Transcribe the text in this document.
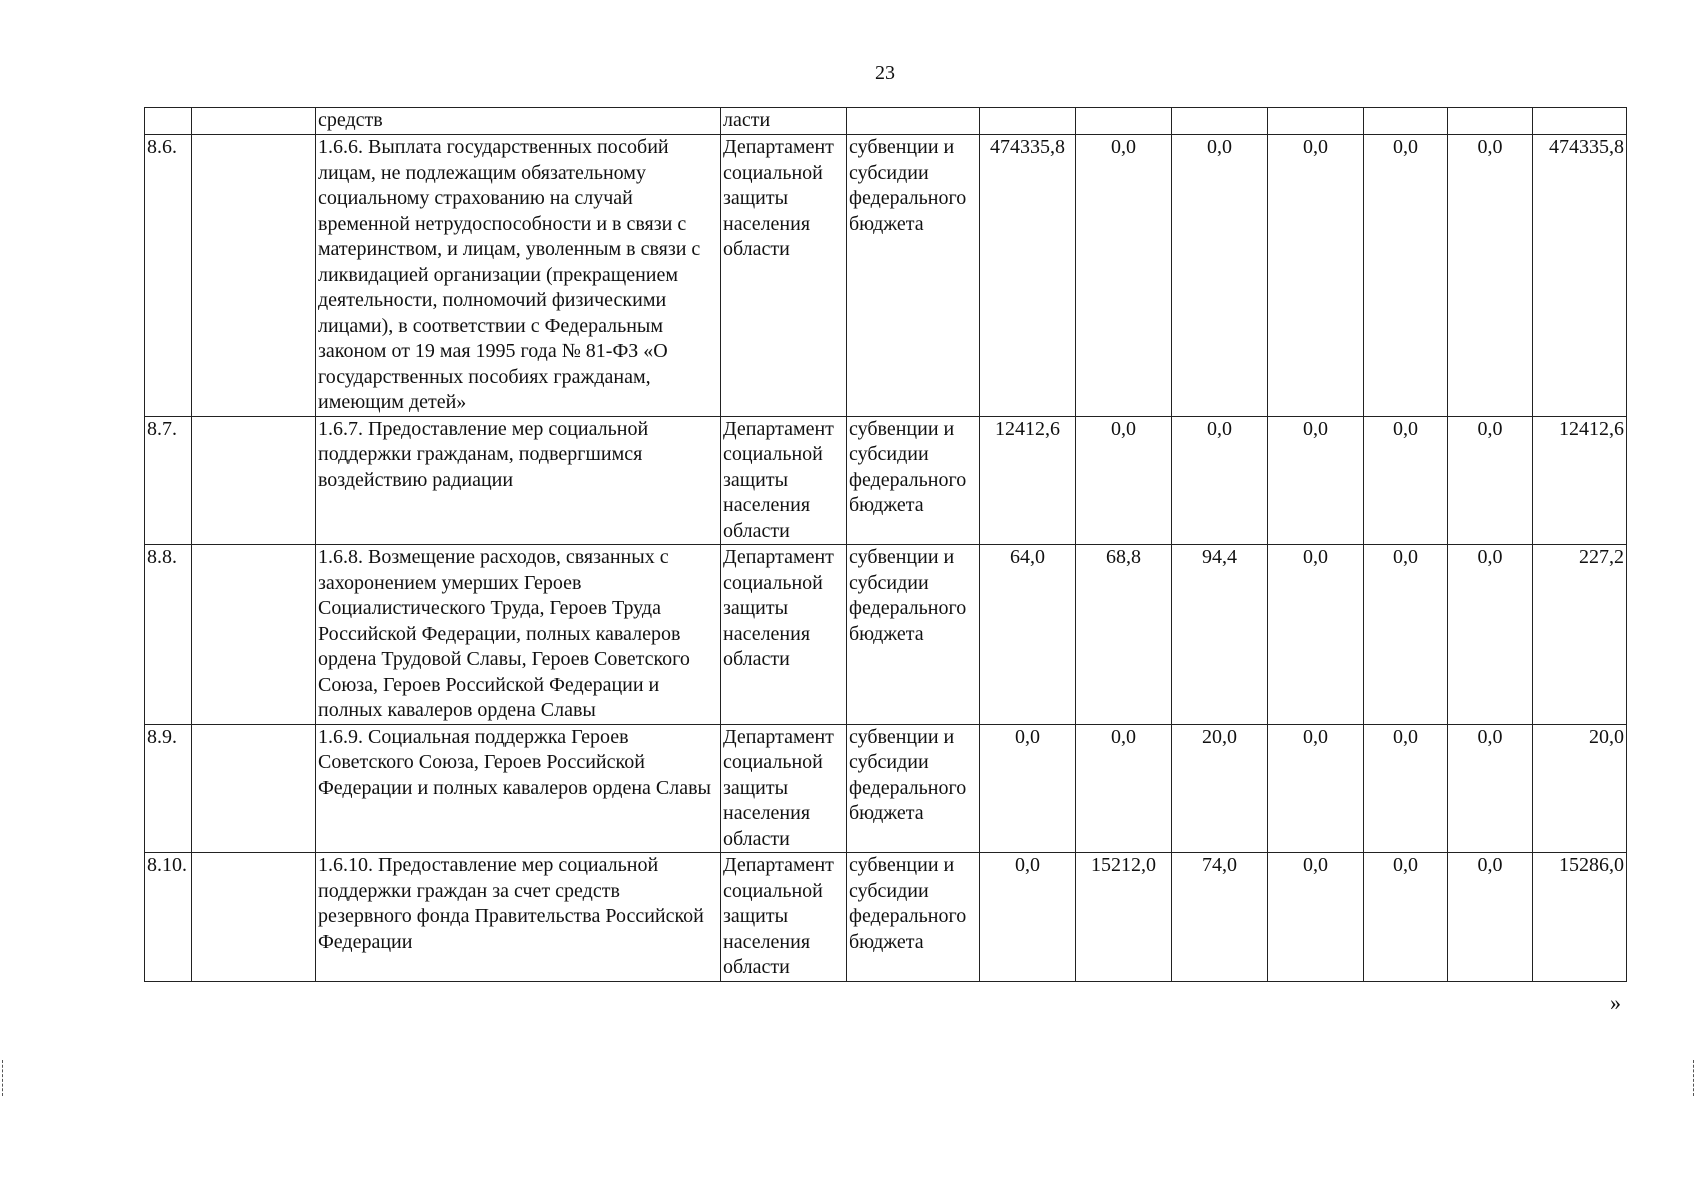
23
		средств	ласти								
8.6.		1.6.6. Выплата государственных пособий лицам, не подлежащим обязательному социальному страхованию на случай временной нетрудоспособности и в связи с материнством, и лицам, уволенным в связи с ликвидацией организации (прекращением деятельности, полномочий физическими лицами), в соответствии с Федеральным законом от 19 мая 1995 года № 81-ФЗ «О государственных пособиях гражданам, имеющим детей»	Департамент социальной защиты населения области	субвенции и субсидии федерального бюджета	474335,8	0,0	0,0	0,0	0,0	0,0	474335,8
8.7.		1.6.7. Предоставление мер социальной поддержки гражданам, подвергшимся воздействию радиации	Департамент социальной защиты населения области	субвенции и субсидии федерального бюджета	12412,6	0,0	0,0	0,0	0,0	0,0	12412,6
8.8.		1.6.8. Возмещение расходов, связанных с захоронением умерших Героев Социалистического Труда, Героев Труда Российской Федерации, полных кавалеров ордена Трудовой Славы, Героев Советского Союза, Героев Российской Федерации и полных кавалеров ордена Славы	Департамент социальной защиты населения области	субвенции и субсидии федерального бюджета	64,0	68,8	94,4	0,0	0,0	0,0	227,2
8.9.		1.6.9. Социальная поддержка Героев Советского Союза, Героев Российской Федерации и полных кавалеров ордена Славы	Департамент социальной защиты населения области	субвенции и субсидии федерального бюджета	0,0	0,0	20,0	0,0	0,0	0,0	20,0
8.10.		1.6.10. Предоставление мер социальной поддержки граждан за счет средств резервного фонда Правительства Российской Федерации	Департамент социальной защиты населения области	субвенции и субсидии федерального бюджета	0,0	15212,0	74,0	0,0	0,0	0,0	15286,0
»
